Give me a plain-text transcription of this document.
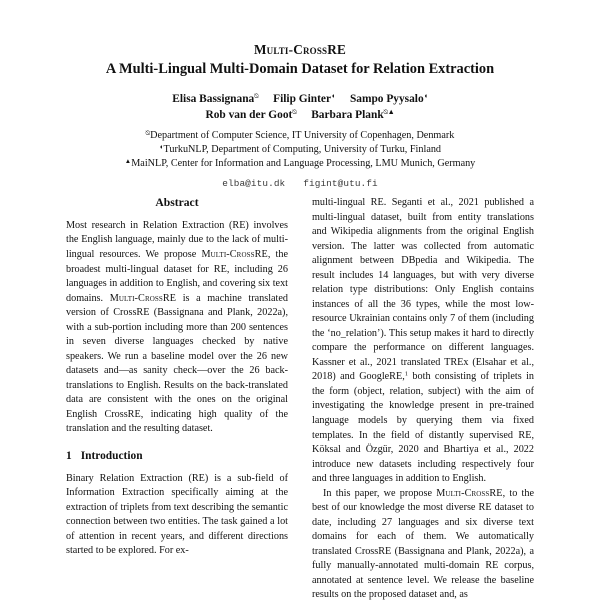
Multi-CrossRE
A Multi-Lingual Multi-Domain Dataset for Relation Extraction
Elisa Bassignana⍉ Filip Ginter◖ Sampo Pyysalo◖
Rob van der Goot⍉ Barbara Plank⍉▲
⍉Department of Computer Science, IT University of Copenhagen, Denmark
◖TurkuNLP, Department of Computing, University of Turku, Finland
▲MaiNLP, Center for Information and Language Processing, LMU Munich, Germany
elba@itu.dk figint@utu.fi
Abstract

Most research in Relation Extraction (RE) involves the English language, mainly due to the lack of multi-lingual resources. We propose Multi-CrossRE, the broadest multi-lingual dataset for RE, including 26 languages in addition to English, and covering six text domains. Multi-CrossRE is a machine translated version of CrossRE (Bassignana and Plank, 2022a), with a sub-portion including more than 200 sentences in seven diverse languages checked by native speakers. We run a baseline model over the 26 new datasets and—as sanity check—over the 26 back-translations to English. Results on the back-translated data are consistent with the ones on the original English CrossRE, indicating high quality of the translation and the resulting dataset.

1 Introduction

Binary Relation Extraction (RE) is a sub-field of Information Extraction specifically aiming at the extraction of triplets from text describing the semantic connection between two entities. The task gained a lot of attention in recent years, and different directions started to be explored. For ex-

multi-lingual RE. Seganti et al., 2021 published a multi-lingual dataset, built from entity translations and Wikipedia alignments from the original English version. The latter was collected from automatic alignment between DBpedia and Wikipedia. The result includes 14 languages, but with very diverse relation type distributions: Only English contains instances of all the 36 types, while the most low-resource Ukrainian contains only 7 of them (including the ‘no_relation’). This setup makes it hard to directly compare the performance on different languages. Kassner et al., 2021 translated TREx (Elsahar et al., 2018) and GoogleRE,$^1$ both consisting of triplets in the form (object, relation, subject) with the aim of investigating the knowledge present in pre-trained language models by querying them via fixed templates. In the field of distantly supervised RE, Köksal and Özgür, 2020 and Bhartiya et al., 2022 introduce new datasets including respectively four and three languages in addition to English.

In this paper, we propose Multi-CrossRE, to the best of our knowledge the most diverse RE dataset to date, including 27 languages and six diverse text domains for each of them. We automatically translated CrossRE (Bassignana and Plank, 2022a), a fully manually-annotated multi-domain RE corpus, annotated at sentence level. We release the baseline results on the proposed dataset and, as
